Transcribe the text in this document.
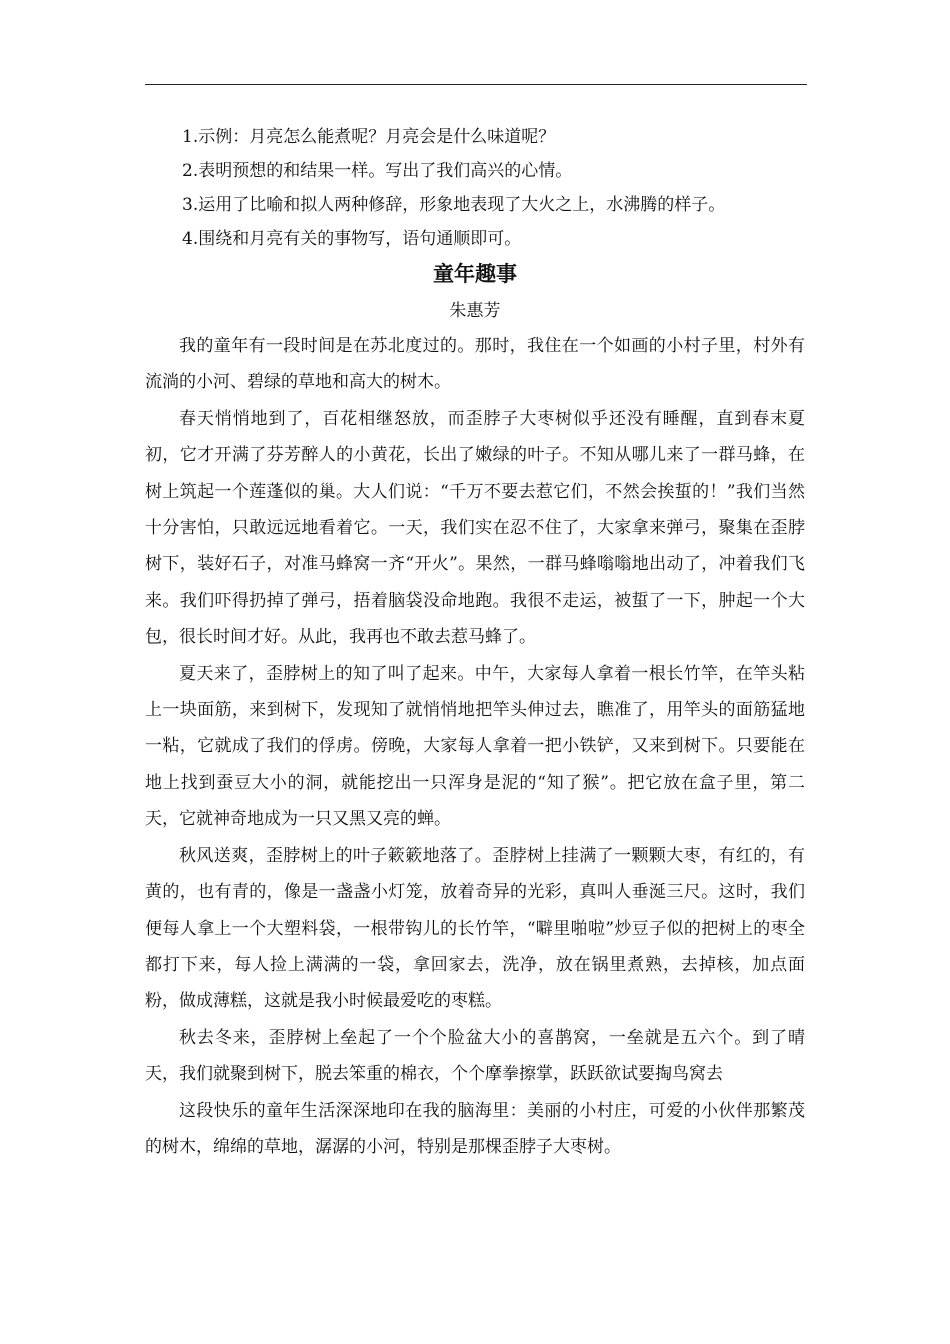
1.示例：月亮怎么能煮呢？月亮会是什么味道呢？
2.表明预想的和结果一样。写出了我们高兴的心情。
3.运用了比喻和拟人两种修辞，形象地表现了大火之上，水沸腾的样子。
4.围绕和月亮有关的事物写，语句通顺即可。
童年趣事
朱惠芳

我的童年有一段时间是在苏北度过的。那时，我住在一个如画的小村子里，村外有流淌的小河、碧绿的草地和高大的树木。

春天悄悄地到了，百花相继怒放，而歪脖子大枣树似乎还没有睡醒，直到春末夏初，它才开满了芬芳醉人的小黄花，长出了嫩绿的叶子。不知从哪儿来了一群马蜂，在树上筑起一个莲蓬似的巢。大人们说：“千万不要去惹它们，不然会挨蜇的！”我们当然十分害怕，只敢远远地看着它。一天，我们实在忍不住了，大家拿来弹弓，聚集在歪脖树下，装好石子，对准马蜂窝一齐“开火”。果然，一群马蜂嗡嗡地出动了，冲着我们飞来。我们吓得扔掉了弹弓，捂着脑袋没命地跑。我很不走运，被蜇了一下，肿起一个大包，很长时间才好。从此，我再也不敢去惹马蜂了。

夏天来了，歪脖树上的知了叫了起来。中午，大家每人拿着一根长竹竿，在竿头粘上一块面筋，来到树下，发现知了就悄悄地把竿头伸过去，瞧准了，用竿头的面筋猛地一粘，它就成了我们的俘虏。傍晚，大家每人拿着一把小铁铲，又来到树下。只要能在地上找到蚕豆大小的洞，就能挖出一只浑身是泥的“知了猴”。把它放在盒子里，第二天，它就神奇地成为一只又黑又亮的蝉。

秋风送爽，歪脖树上的叶子簌簌地落了。歪脖树上挂满了一颗颗大枣，有红的，有黄的，也有青的，像是一盏盏小灯笼，放着奇异的光彩，真叫人垂涎三尺。这时，我们便每人拿上一个大塑料袋，一根带钩儿的长竹竿，“噼里啪啦”炒豆子似的把树上的枣全都打下来，每人捡上满满的一袋，拿回家去，洗净，放在锅里煮熟，去掉核，加点面粉，做成薄糕，这就是我小时候最爱吃的枣糕。

秋去冬来，歪脖树上垒起了一个个脸盆大小的喜鹊窝，一垒就是五六个。到了晴天，我们就聚到树下，脱去笨重的棉衣，个个摩拳擦掌，跃跃欲试要掏鸟窝去

这段快乐的童年生活深深地印在我的脑海里：美丽的小村庄，可爱的小伙伴那繁茂的树木，绵绵的草地，潺潺的小河，特别是那棵歪脖子大枣树。
